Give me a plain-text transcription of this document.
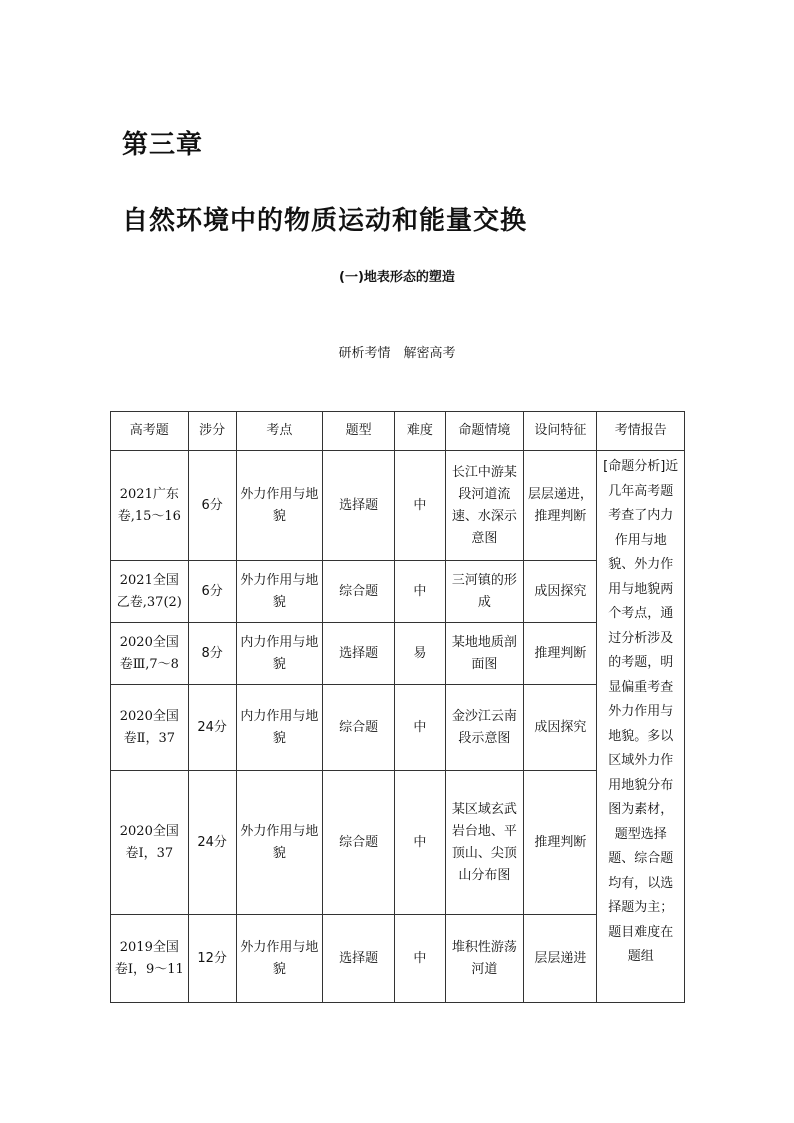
第三章
自然环境中的物质运动和能量交换
(一)地表形态的塑造
研析考情　解密高考
高考题	涉分	考点	题型	难度	命题情境	设问特征	考情报告
2021广东卷,15～16	6分	外力作用与地貌	选择题	中	长江中游某段河道流速、水深示意图	层层递进，推理判断	[命题分析]近几年高考题考查了内力作用与地貌、外力作用与地貌两个考点，通过分析涉及的考题，明显偏重考查外力作用与地貌。多以区域外力作用地貌分布图为素材，题型选择题、综合题均有，以选择题为主；题目难度在题组
2021全国乙卷,37(2)	6分	外力作用与地貌	综合题	中	三河镇的形成	成因探究	
2020全国卷Ⅲ,7～8	8分	内力作用与地貌	选择题	易	某地地质剖面图	推理判断	
2020全国卷Ⅱ，37	24分	内力作用与地貌	综合题	中	金沙江云南段示意图	成因探究	
2020全国卷Ⅰ，37	24分	外力作用与地貌	综合题	中	某区域玄武岩台地、平顶山、尖顶山分布图	推理判断	
2019全国卷Ⅰ，9～11	12分	外力作用与地貌	选择题	中	堆积性游荡河道	层层递进	
